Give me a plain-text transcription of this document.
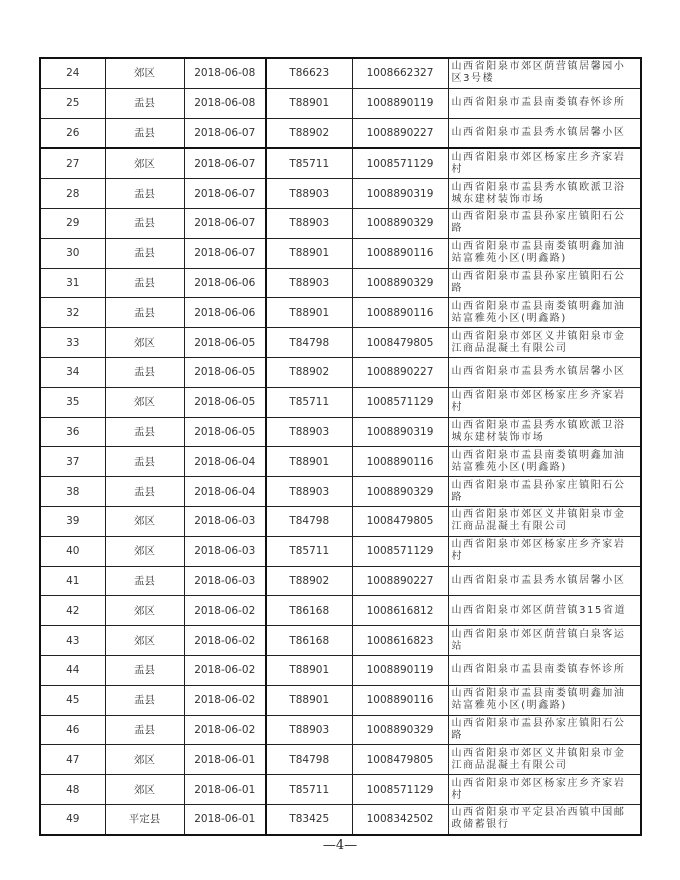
24	郊区	2018-06-08	T86623	1008662327	山西省阳泉市郊区荫营镇居馨园小区3号楼
25	盂县	2018-06-08	T88901	1008890119	山西省阳泉市盂县南娄镇春怀诊所
26	盂县	2018-06-07	T88902	1008890227	山西省阳泉市盂县秀水镇居馨小区
27	郊区	2018-06-07	T85711	1008571129	山西省阳泉市郊区杨家庄乡齐家岩村
28	盂县	2018-06-07	T88903	1008890319	山西省阳泉市盂县秀水镇欧派卫浴城东建材装饰市场
29	盂县	2018-06-07	T88903	1008890329	山西省阳泉市盂县孙家庄镇阳石公路
30	盂县	2018-06-07	T88901	1008890116	山西省阳泉市盂县南娄镇明鑫加油站富雅苑小区(明鑫路)
31	盂县	2018-06-06	T88903	1008890329	山西省阳泉市盂县孙家庄镇阳石公路
32	盂县	2018-06-06	T88901	1008890116	山西省阳泉市盂县南娄镇明鑫加油站富雅苑小区(明鑫路)
33	郊区	2018-06-05	T84798	1008479805	山西省阳泉市郊区义井镇阳泉市金江商品混凝土有限公司
34	盂县	2018-06-05	T88902	1008890227	山西省阳泉市盂县秀水镇居馨小区
35	郊区	2018-06-05	T85711	1008571129	山西省阳泉市郊区杨家庄乡齐家岩村
36	盂县	2018-06-05	T88903	1008890319	山西省阳泉市盂县秀水镇欧派卫浴城东建材装饰市场
37	盂县	2018-06-04	T88901	1008890116	山西省阳泉市盂县南娄镇明鑫加油站富雅苑小区(明鑫路)
38	盂县	2018-06-04	T88903	1008890329	山西省阳泉市盂县孙家庄镇阳石公路
39	郊区	2018-06-03	T84798	1008479805	山西省阳泉市郊区义井镇阳泉市金江商品混凝土有限公司
40	郊区	2018-06-03	T85711	1008571129	山西省阳泉市郊区杨家庄乡齐家岩村
41	盂县	2018-06-03	T88902	1008890227	山西省阳泉市盂县秀水镇居馨小区
42	郊区	2018-06-02	T86168	1008616812	山西省阳泉市郊区荫营镇315省道
43	郊区	2018-06-02	T86168	1008616823	山西省阳泉市郊区荫营镇白泉客运站
44	盂县	2018-06-02	T88901	1008890119	山西省阳泉市盂县南娄镇春怀诊所
45	盂县	2018-06-02	T88901	1008890116	山西省阳泉市盂县南娄镇明鑫加油站富雅苑小区(明鑫路)
46	盂县	2018-06-02	T88903	1008890329	山西省阳泉市盂县孙家庄镇阳石公路
47	郊区	2018-06-01	T84798	1008479805	山西省阳泉市郊区义井镇阳泉市金江商品混凝土有限公司
48	郊区	2018-06-01	T85711	1008571129	山西省阳泉市郊区杨家庄乡齐家岩村
49	平定县	2018-06-01	T83425	1008342502	山西省阳泉市平定县冶西镇中国邮政储蓄银行
—4—
